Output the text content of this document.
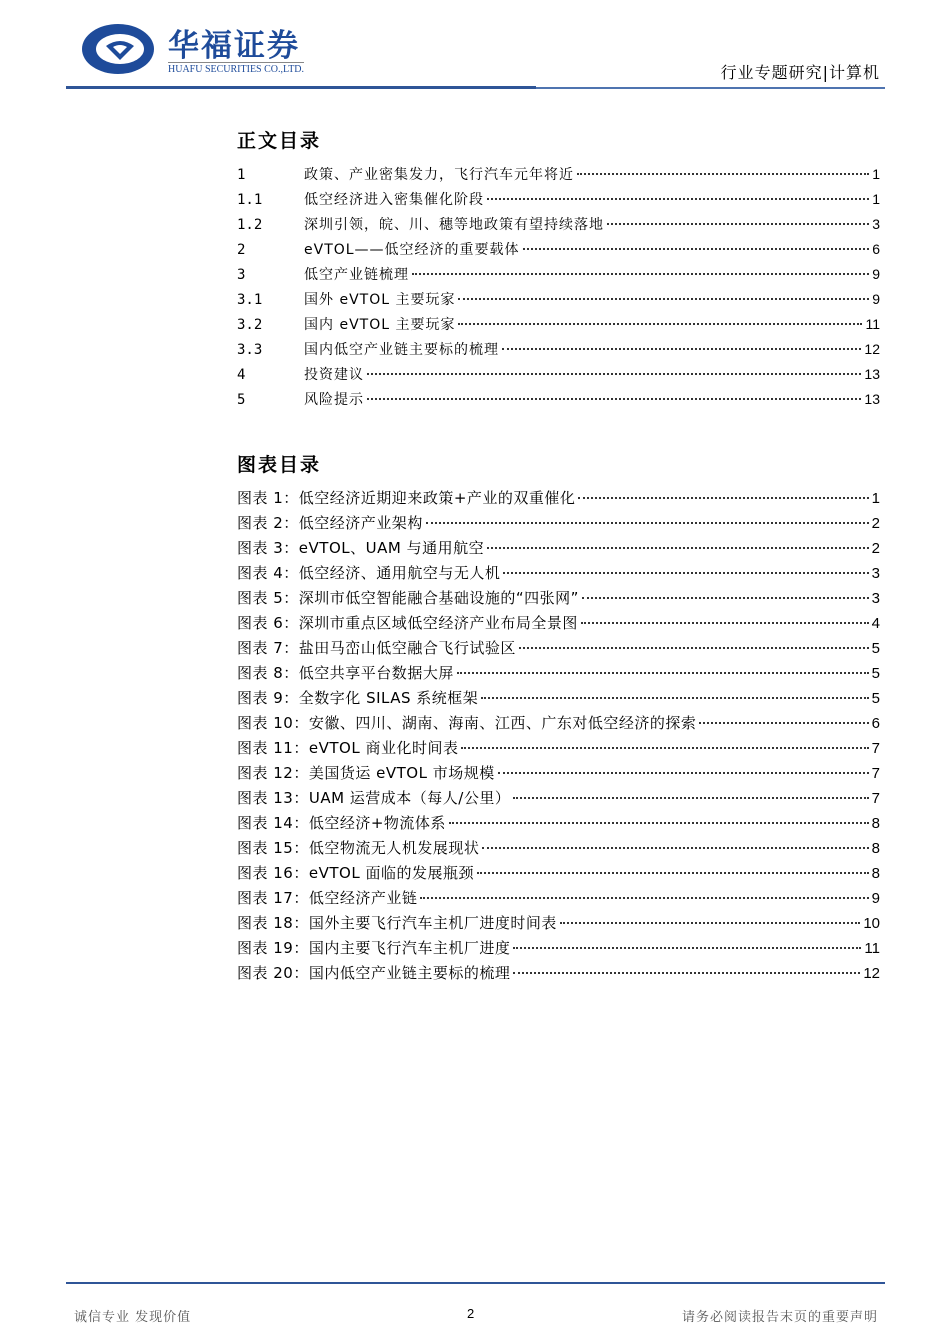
华福证券
HUAFU SECURITIES CO.,LTD.	行业专题研究|计算机
正文目录
1	政策、产业密集发力，飞行汽车元年将近	1
1.1	低空经济进入密集催化阶段	1
1.2	深圳引领，皖、川、穗等地政策有望持续落地	3
2	eVTOL——低空经济的重要载体	6
3	低空产业链梳理	9
3.1	国外 eVTOL 主要玩家	9
3.2	国内 eVTOL 主要玩家	11
3.3	国内低空产业链主要标的梳理	12
4	投资建议	13
5	风险提示	13
图表目录
图表 1：低空经济近期迎来政策+产业的双重催化	1
图表 2：低空经济产业架构	2
图表 3：eVTOL、UAM 与通用航空	2
图表 4：低空经济、通用航空与无人机	3
图表 5：深圳市低空智能融合基础设施的“四张网”	3
图表 6：深圳市重点区域低空经济产业布局全景图	4
图表 7：盐田马峦山低空融合飞行试验区	5
图表 8：低空共享平台数据大屏	5
图表 9：全数字化 SILAS 系统框架	5
图表 10：安徽、四川、湖南、海南、江西、广东对低空经济的探索	6
图表 11：eVTOL 商业化时间表	7
图表 12：美国货运 eVTOL 市场规模	7
图表 13：UAM 运营成本（每人/公里）	7
图表 14：低空经济+物流体系	8
图表 15：低空物流无人机发展现状	8
图表 16：eVTOL 面临的发展瓶颈	8
图表 17：低空经济产业链	9
图表 18：国外主要飞行汽车主机厂进度时间表	10
图表 19：国内主要飞行汽车主机厂进度	11
图表 20：国内低空产业链主要标的梳理	12
诚信专业 发现价值	2	请务必阅读报告末页的重要声明
